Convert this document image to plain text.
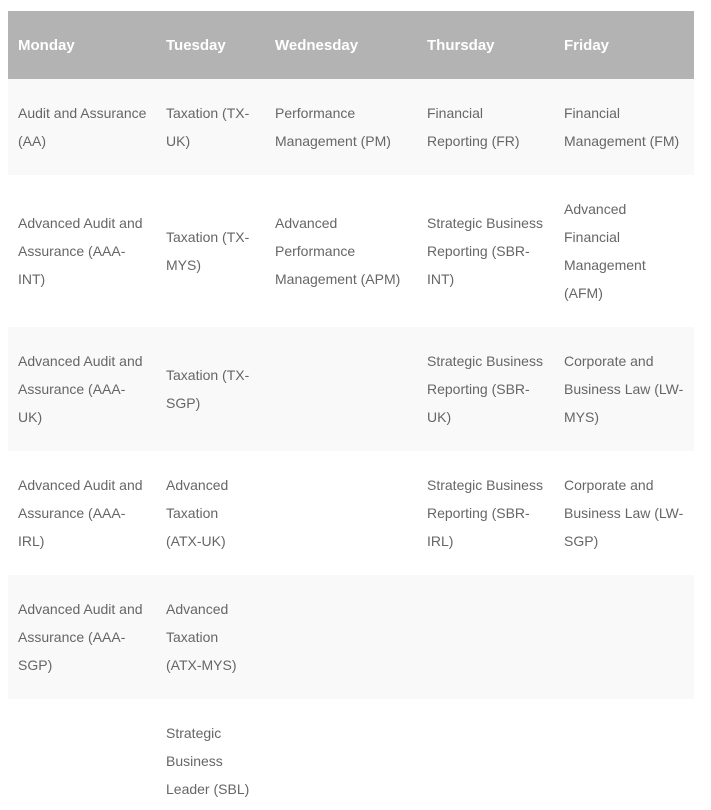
Monday	Tuesday	Wednesday	Thursday	Friday
Audit and Assurance (AA)	Taxation (TX-UK)	Performance Management (PM)	Financial Reporting (FR)	Financial Management (FM)
Advanced Audit and Assurance (AAA-INT)	Taxation (TX-MYS)	Advanced Performance Management (APM)	Strategic Business Reporting (SBR-INT)	Advanced Financial Management (AFM)
Advanced Audit and Assurance (AAA-UK)	Taxation (TX-SGP)		Strategic Business Reporting (SBR-UK)	Corporate and Business Law (LW-MYS)
Advanced Audit and Assurance (AAA-IRL)	Advanced Taxation (ATX-UK)		Strategic Business Reporting (SBR-IRL)	Corporate and Business Law (LW-SGP)
Advanced Audit and Assurance (AAA-SGP)	Advanced Taxation (ATX-MYS)			
	Strategic Business Leader (SBL)			
